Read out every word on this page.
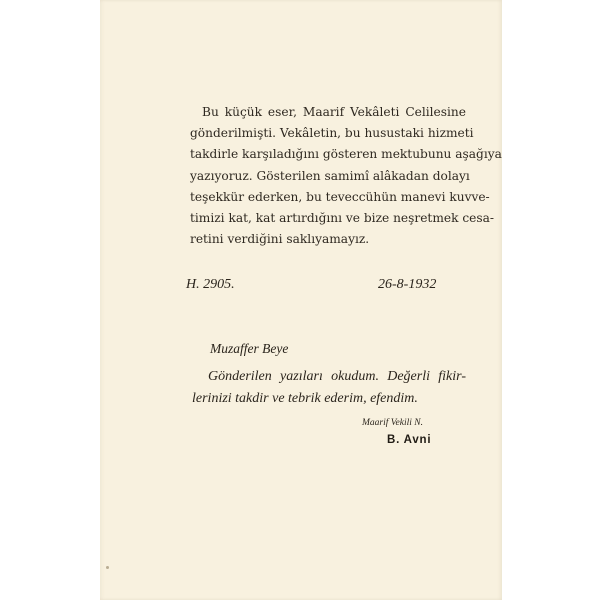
Bu küçük eser, Maarif Vekâleti Celilesine
gönderilmişti. Vekâletin, bu husustaki hizmeti
takdirle karşıladığını gösteren mektubunu aşağıya
yazıyoruz. Gösterilen samimî alâkadan dolayı
teşekkür ederken, bu teveccühün manevi kuvve-
timizi kat, kat artırdığını ve bize neşretmek cesa-
retini verdiğini saklıyamayız.

H. 2905.	26-8-1932
Muzaffer Beye

Gönderilen yazıları okudum. Değerli fikir-
lerinizi takdir ve tebrik ederim, efendim.

Maarif Vekili N.
B. Avni
